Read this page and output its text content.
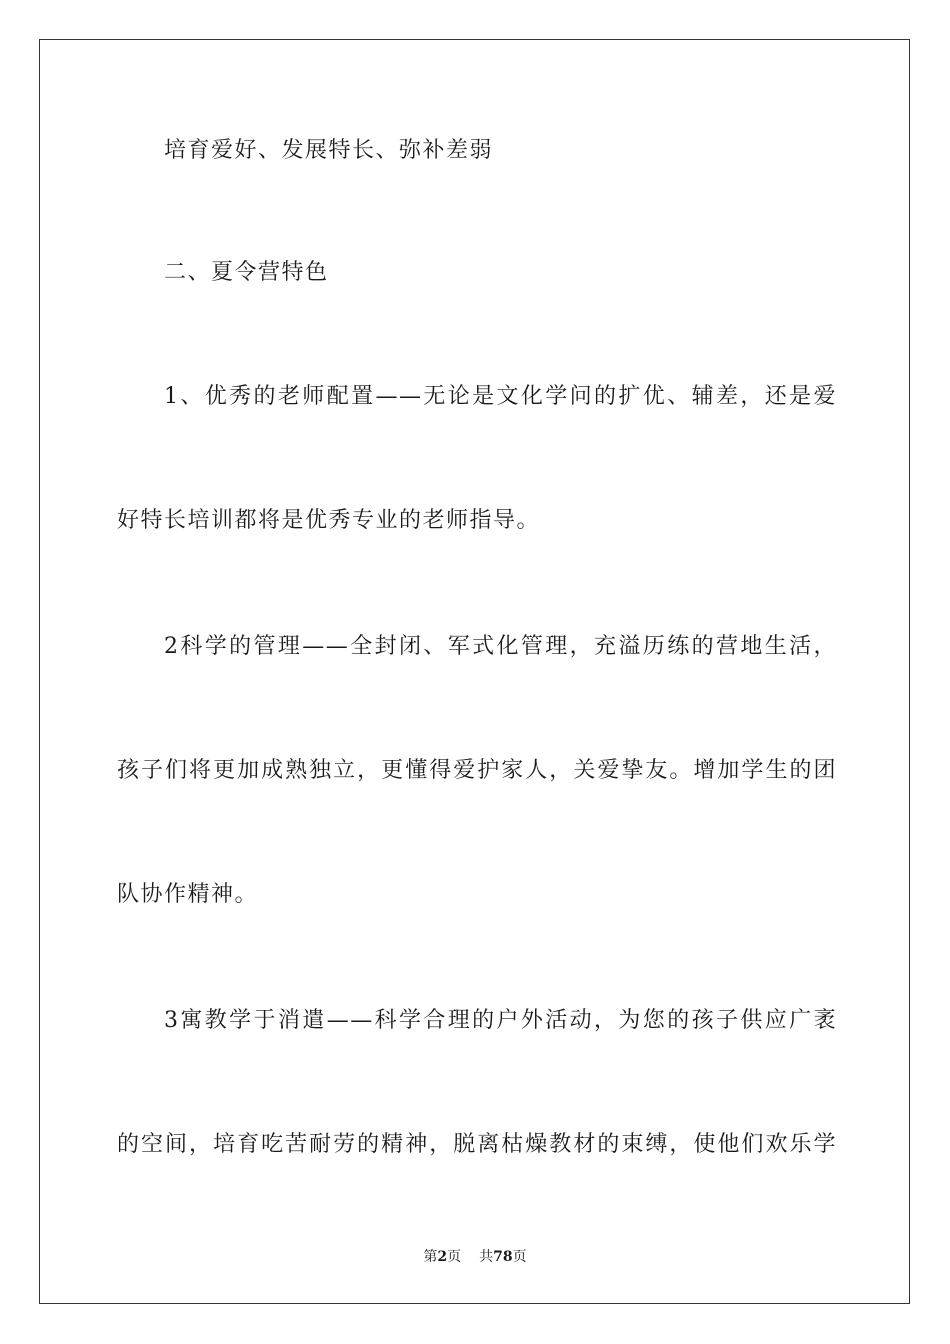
培育爱好、发展特长、弥补差弱
二、夏令营特色
1、优秀的老师配置——无论是文化学问的扩优、辅差，还是爱
好特长培训都将是优秀专业的老师指导。
2科学的管理——全封闭、军式化管理，充溢历练的营地生活，
孩子们将更加成熟独立，更懂得爱护家人，关爱挚友。增加学生的团
队协作精神。
3寓教学于消遣——科学合理的户外活动，为您的孩子供应广袤
的空间，培育吃苦耐劳的精神，脱离枯燥教材的束缚，使他们欢乐学
第2页 共78页
